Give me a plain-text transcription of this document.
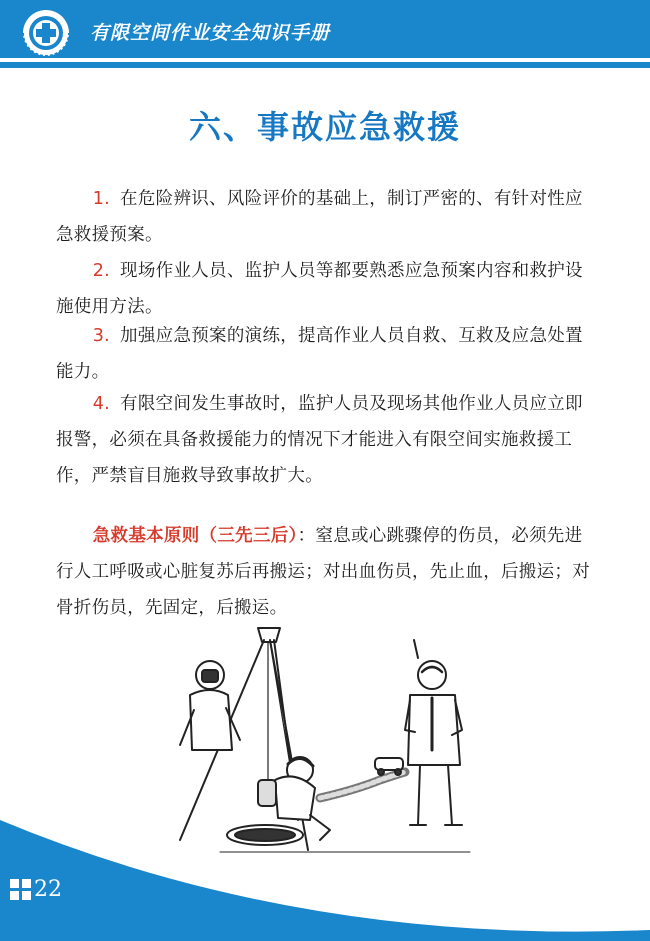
有限空间作业安全知识手册
六、事故应急救援
1. 在危险辨识、风险评价的基础上，制订严密的、有针对性应急救援预案。
2. 现场作业人员、监护人员等都要熟悉应急预案内容和救护设施使用方法。
3. 加强应急预案的演练，提高作业人员自救、互救及应急处置能力。
4. 有限空间发生事故时，监护人员及现场其他作业人员应立即报警，必须在具备救援能力的情况下才能进入有限空间实施救援工作，严禁盲目施救导致事故扩大。
急救基本原则（三先三后）：窒息或心跳骤停的伤员，必须先进行人工呼吸或心脏复苏后再搬运；对出血伤员，先止血，后搬运；对骨折伤员，先固定，后搬运。
22
